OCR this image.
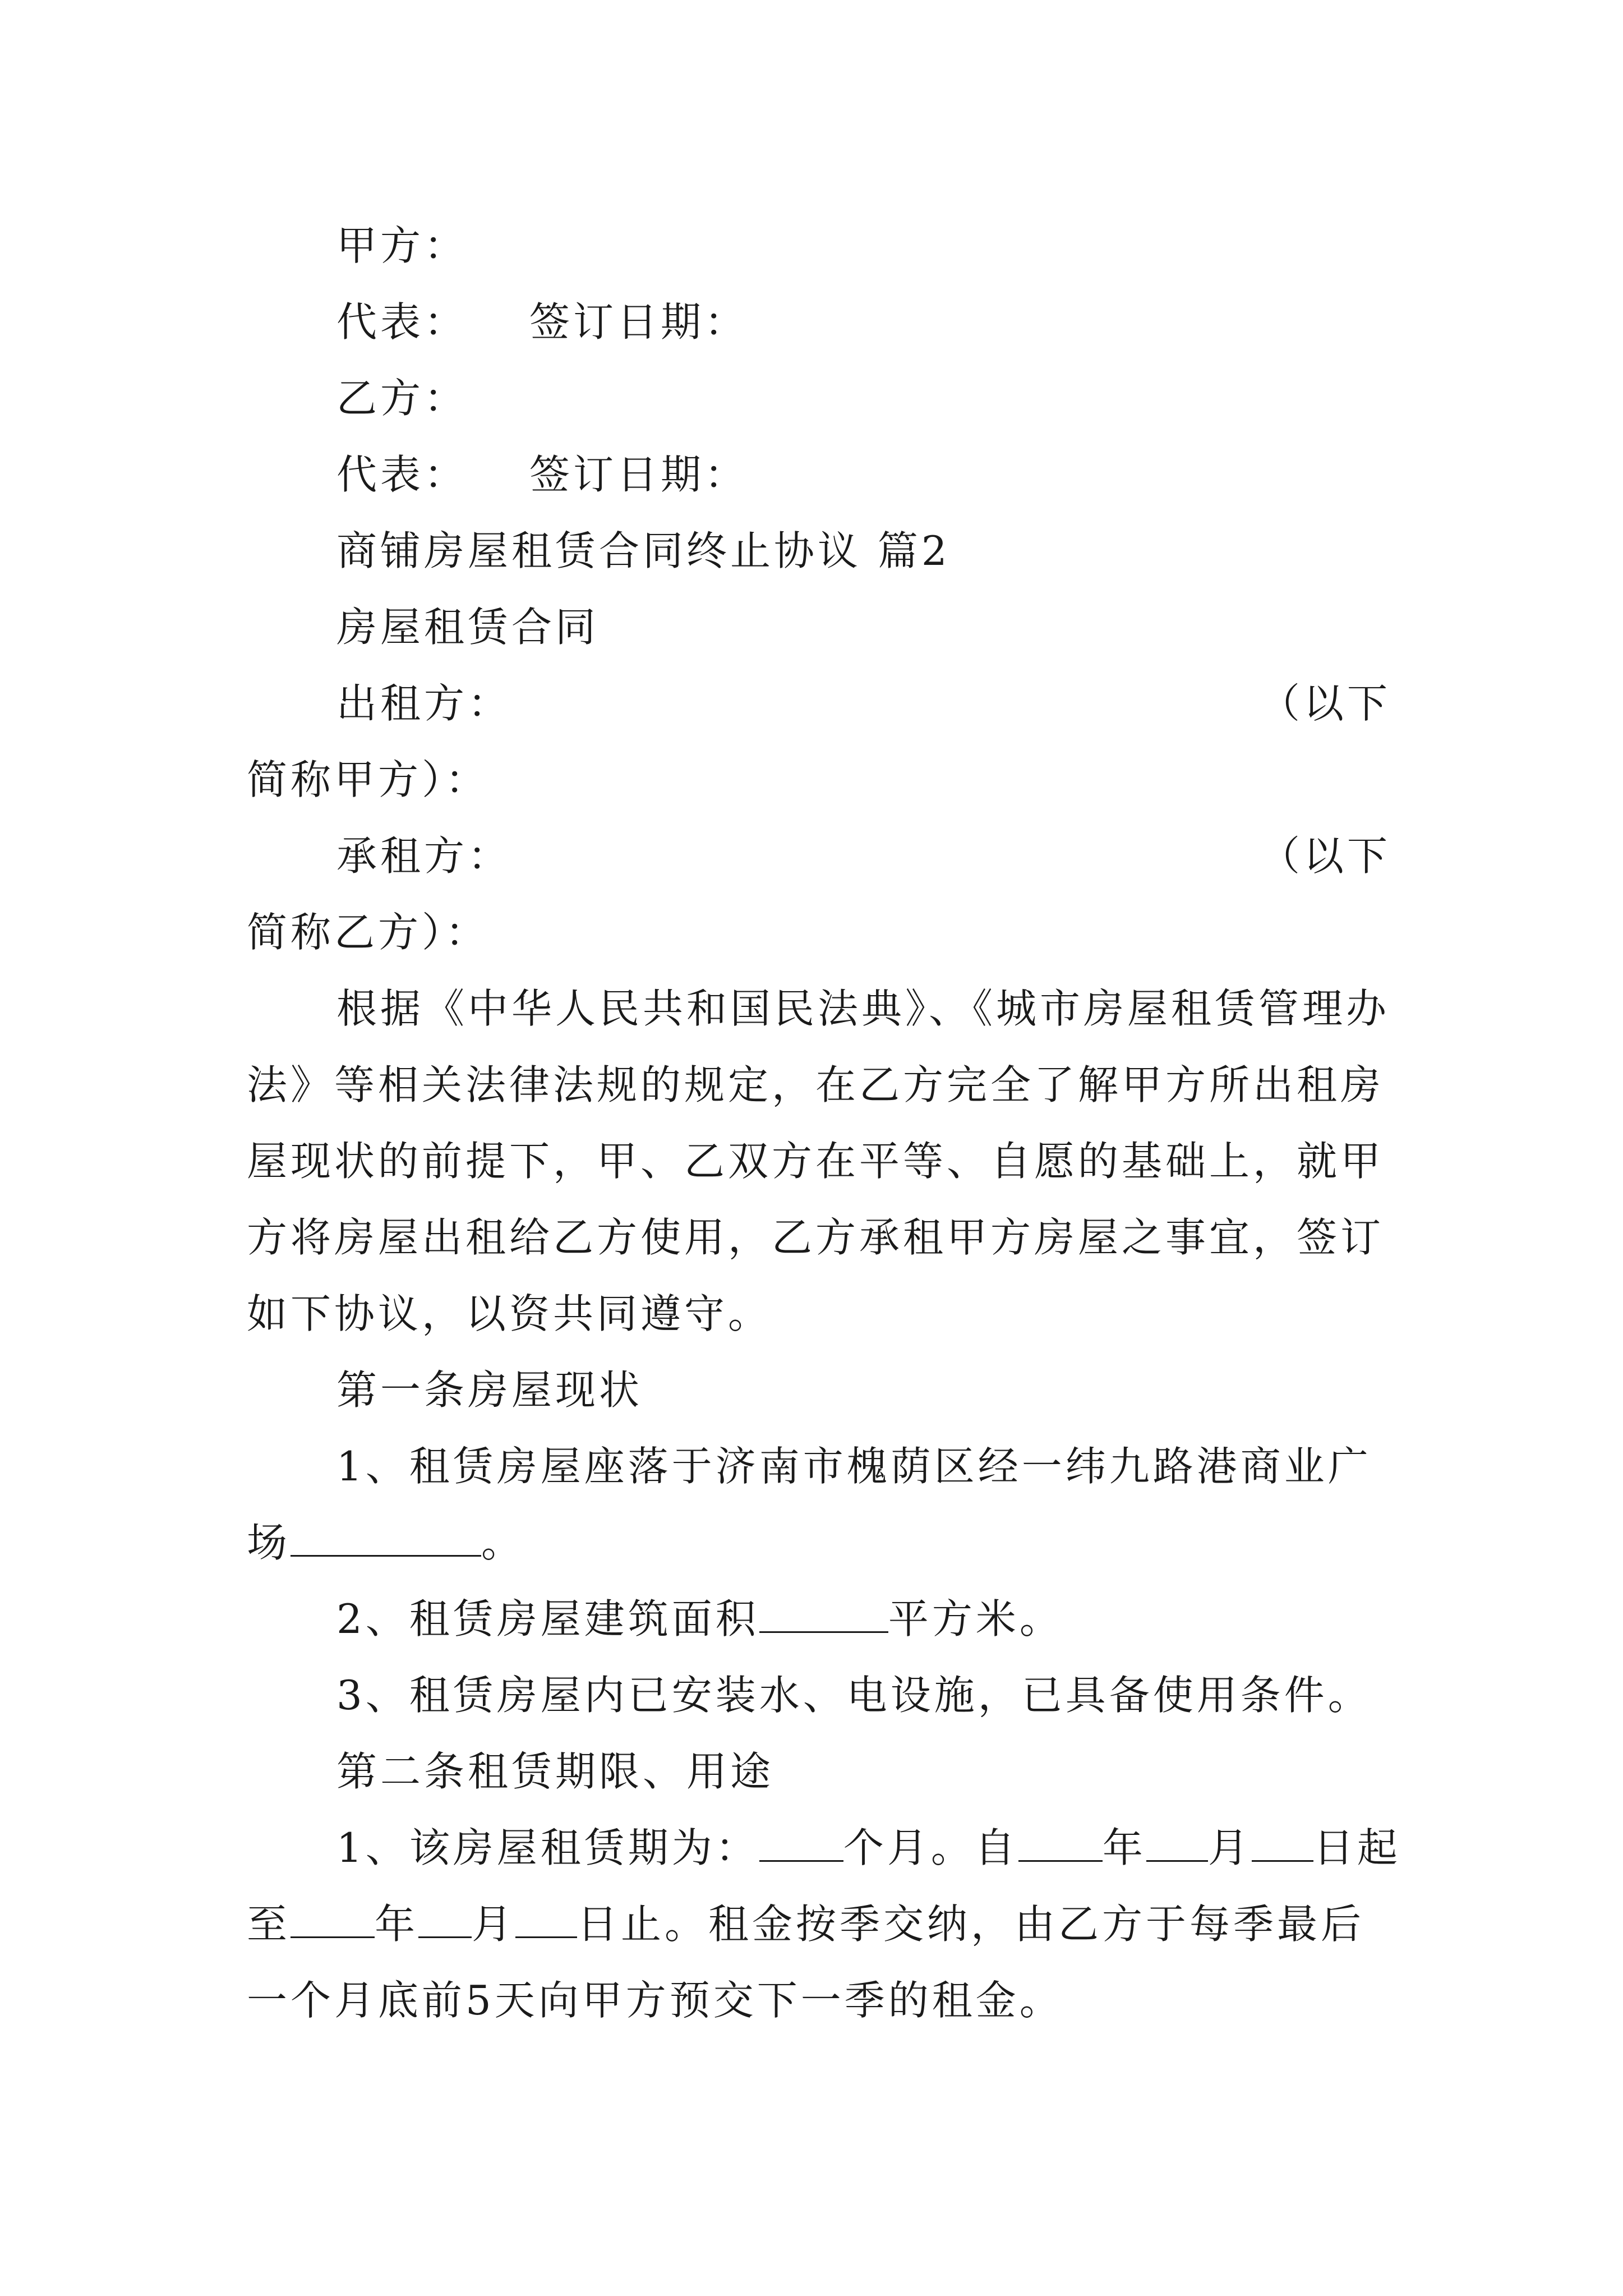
甲方：
代表： 签订日期：
乙方：
代表： 签订日期：
商铺房屋租赁合同终止协议 篇2
房屋租赁合同
出租方：	（以下
简称甲方）：
承租方：	（以下
简称乙方）：
根据《中华人民共和国民法典》、《城市房屋租赁管理办
法》等相关法律法规的规定，在乙方完全了解甲方所出租房
屋现状的前提下，甲、乙双方在平等、自愿的基础上，就甲
方将房屋出租给乙方使用，乙方承租甲方房屋之事宜，签订
如下协议，以资共同遵守。
第一条房屋现状
1、租赁房屋座落于济南市槐荫区经一纬九路港商业广
场	。
2、租赁房屋建筑面积	平方米。
3、租赁房屋内已安装水、电设施，已具备使用条件。
第二条租赁期限、用途
1、该房屋租赁期为： 个月。自 年 月 日起
至 年 月 日止。租金按季交纳，由乙方于每季最后
一个月底前5天向甲方预交下一季的租金。
